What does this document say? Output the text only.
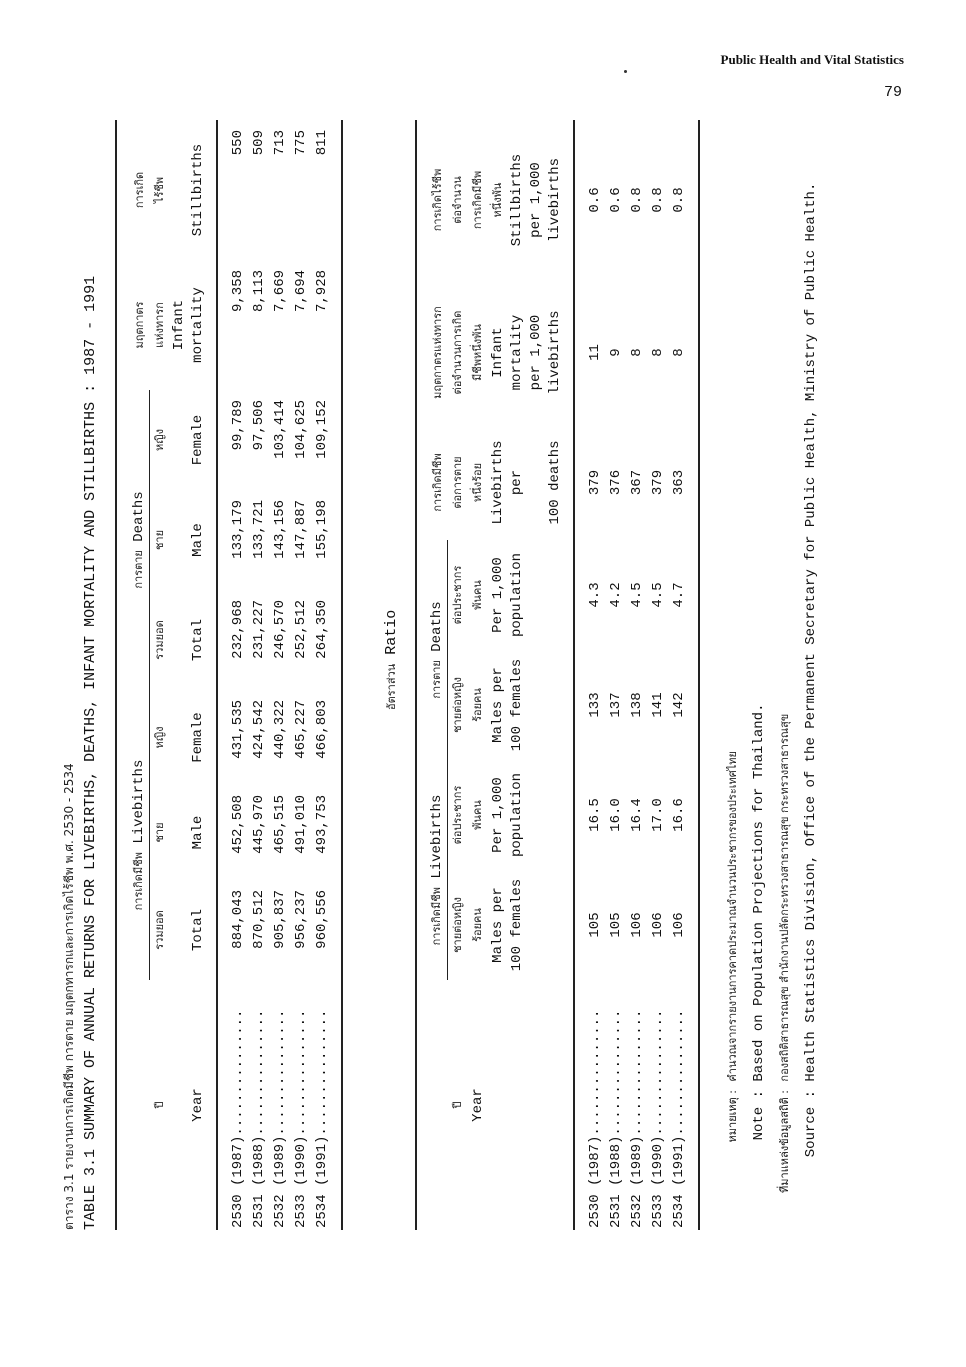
Public Health and Vital Statistics
79
ตาราง 3.1 รายงานการเกิดมีชีพ การตาย มฤตกทารกและการเกิดไร้ชีพ พ.ศ. 2530 - 2534 TABLE 3.1 SUMMARY OF ANNUAL RETURNS FOR LIVEBIRTHS, DEATHS, INFANT MORTALITY AND STILLBIRTHS : 1987 - 1991
		การเกิดมีชีพ Livebirths			การตาย Deaths			มฤตกาตร	การเกิด
ปี	รวมยอด	ชาย	หญิง	รวมยอด	ชาย	หญิง	แห่งทารก	ไร้ชีพ
Year	Total	Male	Female	Total	Male	Female	Infant mortality	Stillbirths
2530 (1987)...............	884,043	452,508	431,535	232,968	133,179	99,789	9,358	550
2531 (1988)...............	870,512	445,970	424,542	231,227	133,721	97,506	8,113	509
2532 (1989)...............	905,837	465,515	440,322	246,570	143,156	103,414	7,669	713
2533 (1990)...............	956,237	491,010	465,227	252,512	147,887	104,625	7,694	775
2534 (1991)...............	960,556	493,753	466,803	264,350	155,198	109,152	7,928	811
อัตราส่วน Ratio
	การเกิดมีชีพ Livebirths		การตาย Deaths		การเกิดมีชีพ	มฤตกาตรแห่งทารก	การเกิดไร้ชีพ
ปี	ชายต่อหญิง	ต่อประชากร	ชายต่อหญิง	ต่อประชากร	ต่อการตาย	ต่อจำนวนการเกิด	ต่อจำนวน
Year	ร้อยคน	พันคน	ร้อยคน	พันคน	หนึ่งร้อย	มีชีพหนึ่งพัน	การเกิดมีชีพ
	Males per	Per 1,000	Males per	Per 1,000	Livebirths	Infant	หนึ่งพัน
	100 females	population	100 females	population	per	mortality	Stillbirths
					100 deaths	per 1,000 livebirths	per 1,000 livebirths
2530 (1987)...............	105	16.5	133	4.3	379	11	0.6
2531 (1988)...............	105	16.0	137	4.2	376	9	0.6
2532 (1989)...............	106	16.4	138	4.5	367	8	0.8
2533 (1990)...............	106	17.0	141	4.5	379	8	0.8
2534 (1991)...............	106	16.6	142	4.7	363	8	0.8
หมายเหตุ : คำนวณจากรายงานการคาดประมาณจำนวนประชากรของประเทศไทย
Note : Based on Population Projections for Thailand.
ที่มาแหล่งข้อมูลสถิติ : กองสถิติสาธารณสุข สำนักงานปลัดกระทรวงสาธารณสุข กระทรวงสาธารณสุข
Source : Health Statistics Division, Office of the Permanent Secretary for Public Health, Ministry of Public Health.
